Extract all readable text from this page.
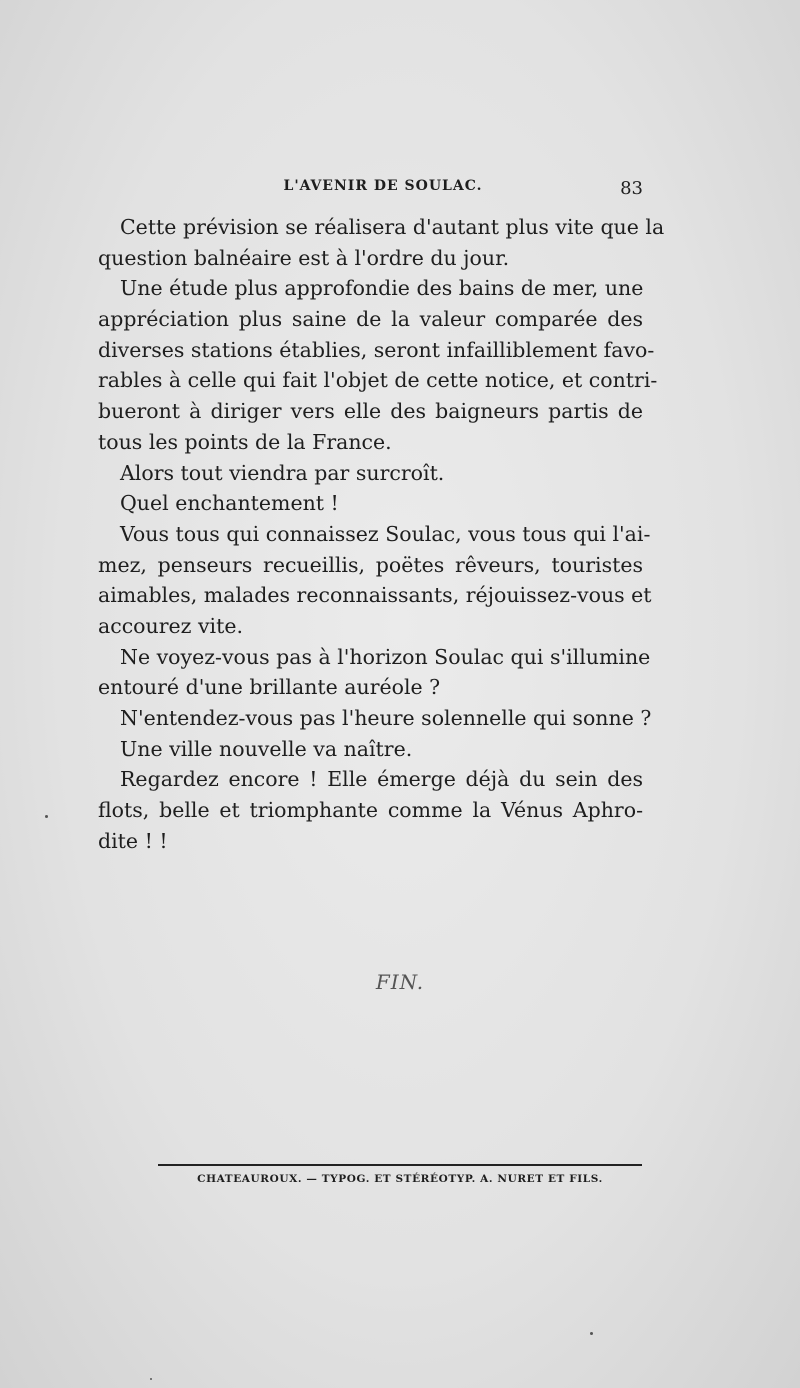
L'AVENIR DE SOULAC.	83
Cette prévision se réalisera d'autant plus vite que la
question balnéaire est à l'ordre du jour.
Une étude plus approfondie des bains de mer, une
appréciation plus saine de la valeur comparée des
diverses stations établies, seront infailliblement favo-
rables à celle qui fait l'objet de cette notice, et contri-
bueront à diriger vers elle des baigneurs partis de
tous les points de la France.
Alors tout viendra par surcroît.
Quel enchantement !
Vous tous qui connaissez Soulac, vous tous qui l'ai-
mez, penseurs recueillis, poëtes rêveurs, touristes
aimables, malades reconnaissants, réjouissez-vous et
accourez vite.
Ne voyez-vous pas à l'horizon Soulac qui s'illumine
entouré d'une brillante auréole ?
N'entendez-vous pas l'heure solennelle qui sonne ?
Une ville nouvelle va naître.
Regardez encore ! Elle émerge déjà du sein des
flots, belle et triomphante comme la Vénus Aphro-
dite ! !
FIN.
CHATEAUROUX. — TYPOG. ET STÉRÉOTYP. A. NURET ET FILS.
